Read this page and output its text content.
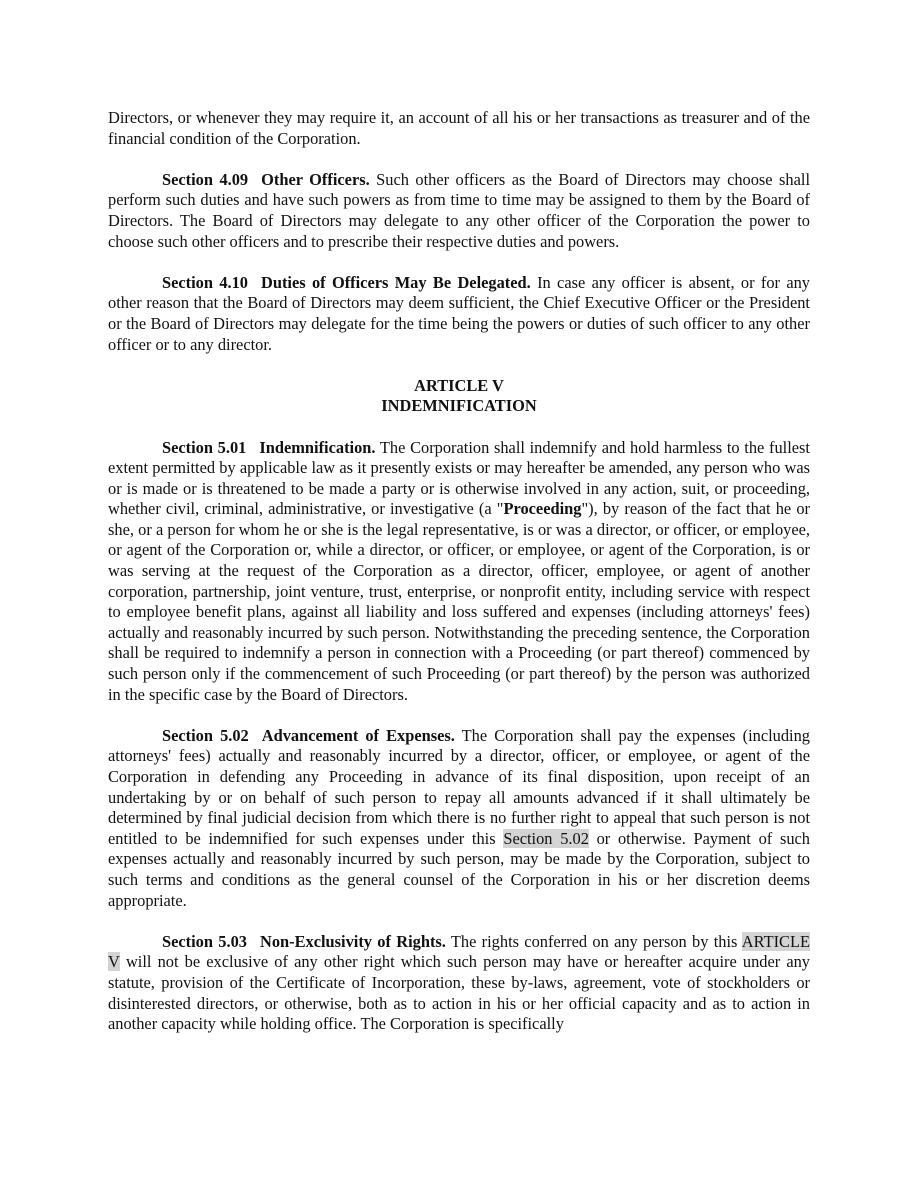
Directors, or whenever they may require it, an account of all his or her transactions as treasurer and of the financial condition of the Corporation.

Section 4.09 Other Officers. Such other officers as the Board of Directors may choose shall perform such duties and have such powers as from time to time may be assigned to them by the Board of Directors. The Board of Directors may delegate to any other officer of the Corporation the power to choose such other officers and to prescribe their respective duties and powers.

Section 4.10 Duties of Officers May Be Delegated. In case any officer is absent, or for any other reason that the Board of Directors may deem sufficient, the Chief Executive Officer or the President or the Board of Directors may delegate for the time being the powers or duties of such officer to any other officer or to any director.

ARTICLE V

INDEMNIFICATION

Section 5.01 Indemnification. The Corporation shall indemnify and hold harmless to the fullest extent permitted by applicable law as it presently exists or may hereafter be amended, any person who was or is made or is threatened to be made a party or is otherwise involved in any action, suit, or proceeding, whether civil, criminal, administrative, or investigative (a "Proceeding"), by reason of the fact that he or she, or a person for whom he or she is the legal representative, is or was a director, or officer, or employee, or agent of the Corporation or, while a director, or officer, or employee, or agent of the Corporation, is or was serving at the request of the Corporation as a director, officer, employee, or agent of another corporation, partnership, joint venture, trust, enterprise, or nonprofit entity, including service with respect to employee benefit plans, against all liability and loss suffered and expenses (including attorneys' fees) actually and reasonably incurred by such person. Notwithstanding the preceding sentence, the Corporation shall be required to indemnify a person in connection with a Proceeding (or part thereof) commenced by such person only if the commencement of such Proceeding (or part thereof) by the person was authorized in the specific case by the Board of Directors.

Section 5.02 Advancement of Expenses. The Corporation shall pay the expenses (including attorneys' fees) actually and reasonably incurred by a director, officer, or employee, or agent of the Corporation in defending any Proceeding in advance of its final disposition, upon receipt of an undertaking by or on behalf of such person to repay all amounts advanced if it shall ultimately be determined by final judicial decision from which there is no further right to appeal that such person is not entitled to be indemnified for such expenses under this Section 5.02 or otherwise. Payment of such expenses actually and reasonably incurred by such person, may be made by the Corporation, subject to such terms and conditions as the general counsel of the Corporation in his or her discretion deems appropriate.

Section 5.03 Non-Exclusivity of Rights. The rights conferred on any person by this ARTICLE V will not be exclusive of any other right which such person may have or hereafter acquire under any statute, provision of the Certificate of Incorporation, these by-laws, agreement, vote of stockholders or disinterested directors, or otherwise, both as to action in his or her official capacity and as to action in another capacity while holding office. The Corporation is specifically
